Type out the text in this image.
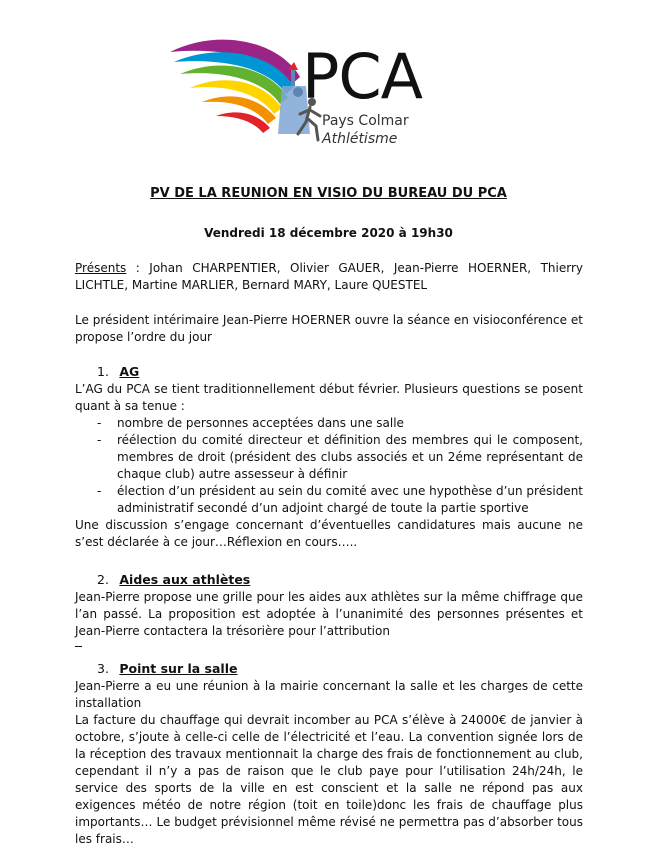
PCA
Pays Colmar
Athlétisme
PV DE LA REUNION EN VISIO DU BUREAU DU PCA
Vendredi 18 décembre 2020 à 19h30
Présents : Johan CHARPENTIER, Olivier GAUER, Jean-Pierre HOERNER, Thierry LICHTLE, Martine MARLIER, Bernard MARY, Laure QUESTEL
Le président intérimaire Jean-Pierre HOERNER ouvre la séance en visioconférence et propose l’ordre du jour
1. AG
L’AG du PCA se tient traditionnellement début février. Plusieurs questions se posent quant à sa tenue :
- nombre de personnes acceptées dans une salle
- réélection du comité directeur et définition des membres qui le composent, membres de droit (président des clubs associés et un 2éme représentant de chaque club) autre assesseur à définir
- élection d’un président au sein du comité avec une hypothèse d’un président administratif secondé d’un adjoint chargé de toute la partie sportive
Une discussion s’engage concernant d’éventuelles candidatures mais aucune ne s’est déclarée à ce jour…Réflexion en cours…..
2. Aides aux athlètes
Jean-Pierre propose une grille pour les aides aux athlètes sur la même chiffrage que l’an passé. La proposition est adoptée à l’unanimité des personnes présentes et Jean-Pierre contactera la trésorière pour l’attribution
3. Point sur la salle
Jean-Pierre a eu une réunion à la mairie concernant la salle et les charges de cette installation
La facture du chauffage qui devrait incomber au PCA s’élève à 24000€ de janvier à octobre, s’joute à celle-ci celle de l’électricité et l’eau. La convention signée lors de la réception des travaux mentionnait la charge des frais de fonctionnement au club, cependant il n’y a pas de raison que le club paye pour l’utilisation 24h/24h, le service des sports de la ville en est conscient et la salle ne répond pas aux exigences météo de notre région (toit en toile)donc les frais de chauffage plus importants… Le budget prévisionnel même révisé ne permettra pas d’absorber tous les frais…
